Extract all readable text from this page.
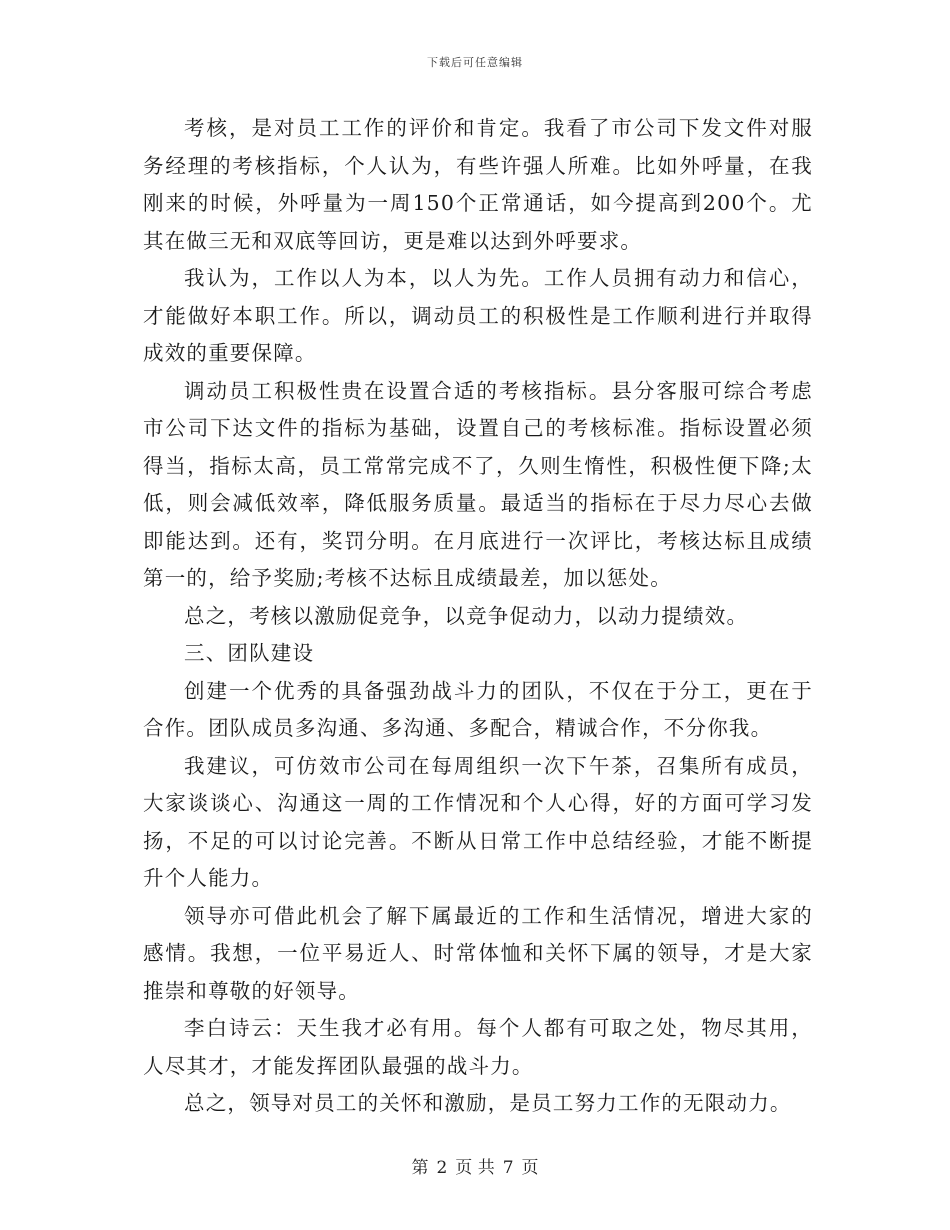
下载后可任意编辑

考核，是对员工工作的评价和肯定。我看了市公司下发文件对服务经理的考核指标，个人认为，有些许强人所难。比如外呼量，在我刚来的时候，外呼量为一周150个正常通话，如今提高到200个。尤其在做三无和双底等回访，更是难以达到外呼要求。

我认为，工作以人为本，以人为先。工作人员拥有动力和信心，才能做好本职工作。所以，调动员工的积极性是工作顺利进行并取得成效的重要保障。

调动员工积极性贵在设置合适的考核指标。县分客服可综合考虑市公司下达文件的指标为基础，设置自己的考核标准。指标设置必须得当，指标太高，员工常常完成不了，久则生惰性，积极性便下降;太低，则会减低效率，降低服务质量。最适当的指标在于尽力尽心去做即能达到。还有，奖罚分明。在月底进行一次评比，考核达标且成绩第一的，给予奖励;考核不达标且成绩最差，加以惩处。

总之，考核以激励促竞争，以竞争促动力，以动力提绩效。

三、团队建设

创建一个优秀的具备强劲战斗力的团队，不仅在于分工，更在于合作。团队成员多沟通、多沟通、多配合，精诚合作，不分你我。

我建议，可仿效市公司在每周组织一次下午茶，召集所有成员，大家谈谈心、沟通这一周的工作情况和个人心得，好的方面可学习发扬，不足的可以讨论完善。不断从日常工作中总结经验，才能不断提升个人能力。

领导亦可借此机会了解下属最近的工作和生活情况，增进大家的感情。我想，一位平易近人、时常体恤和关怀下属的领导，才是大家推崇和尊敬的好领导。

李白诗云：天生我才必有用。每个人都有可取之处，物尽其用，人尽其才，才能发挥团队最强的战斗力。

总之，领导对员工的关怀和激励，是员工努力工作的无限动力。

第 2 页 共 7 页
